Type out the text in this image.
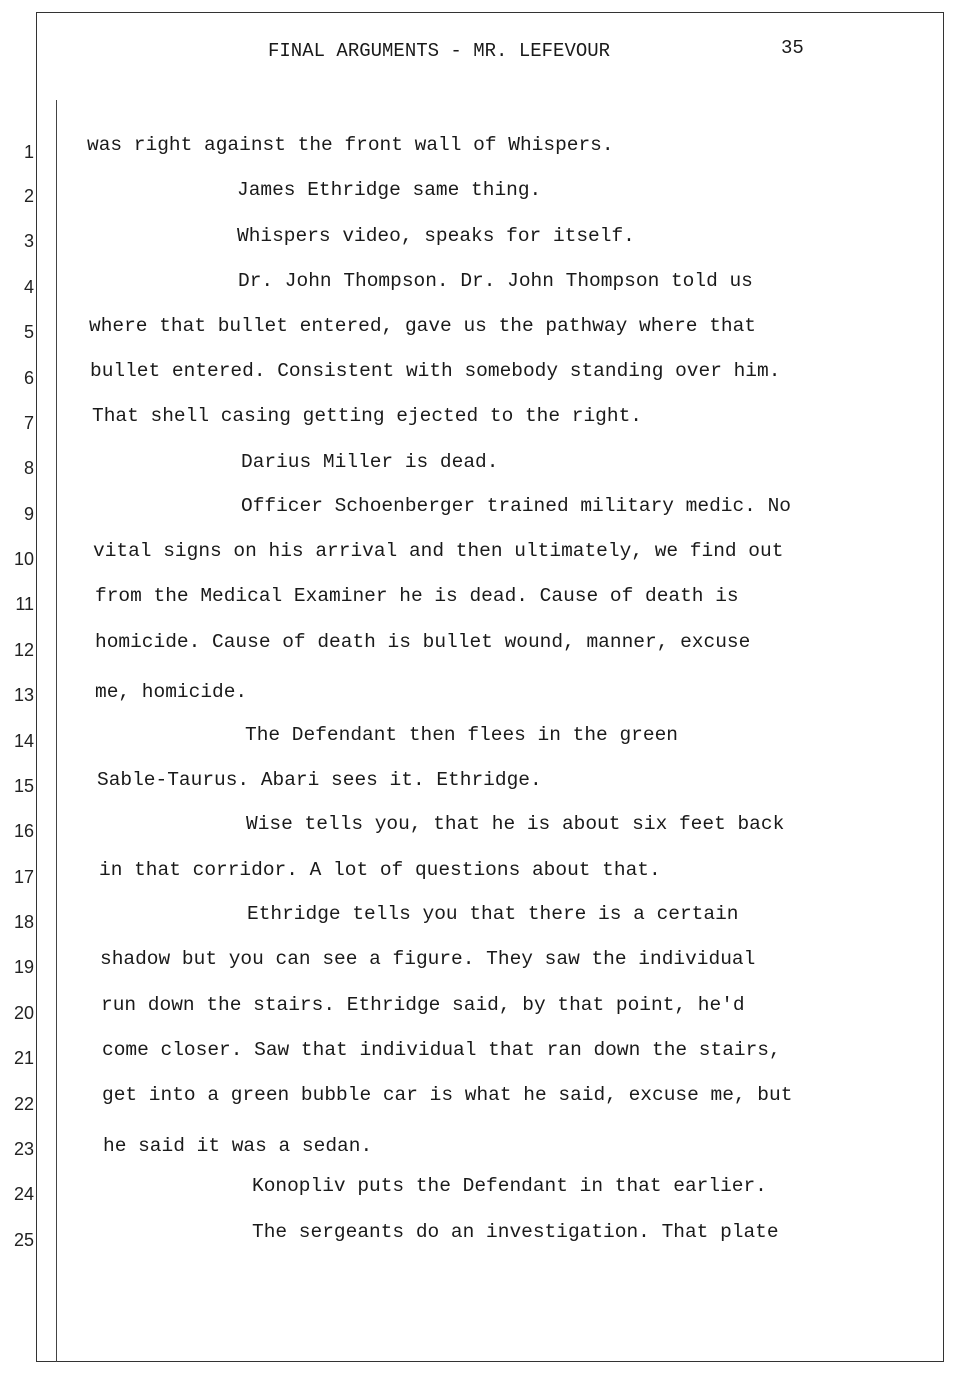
FINAL ARGUMENTS - MR. LEFEVOUR	35
1
2
3
4
5
6
7
8
9
10
11
12
13
14
15
16
17
18
19
20
21
22
23
24
25
was right against the front wall of Whispers.
James Ethridge same thing.
Whispers video, speaks for itself.
Dr. John Thompson. Dr. John Thompson told us
where that bullet entered, gave us the pathway where that
bullet entered. Consistent with somebody standing over him.
That shell casing getting ejected to the right.
Darius Miller is dead.
Officer Schoenberger trained military medic. No
vital signs on his arrival and then ultimately, we find out
from the Medical Examiner he is dead. Cause of death is
homicide. Cause of death is bullet wound, manner, excuse
me, homicide.
The Defendant then flees in the green
Sable-Taurus. Abari sees it. Ethridge.
Wise tells you, that he is about six feet back
in that corridor. A lot of questions about that.
Ethridge tells you that there is a certain
shadow but you can see a figure. They saw the individual
run down the stairs. Ethridge said, by that point, he'd
come closer. Saw that individual that ran down the stairs,
get into a green bubble car is what he said, excuse me, but
he said it was a sedan.
Konopliv puts the Defendant in that earlier.
The sergeants do an investigation. That plate
